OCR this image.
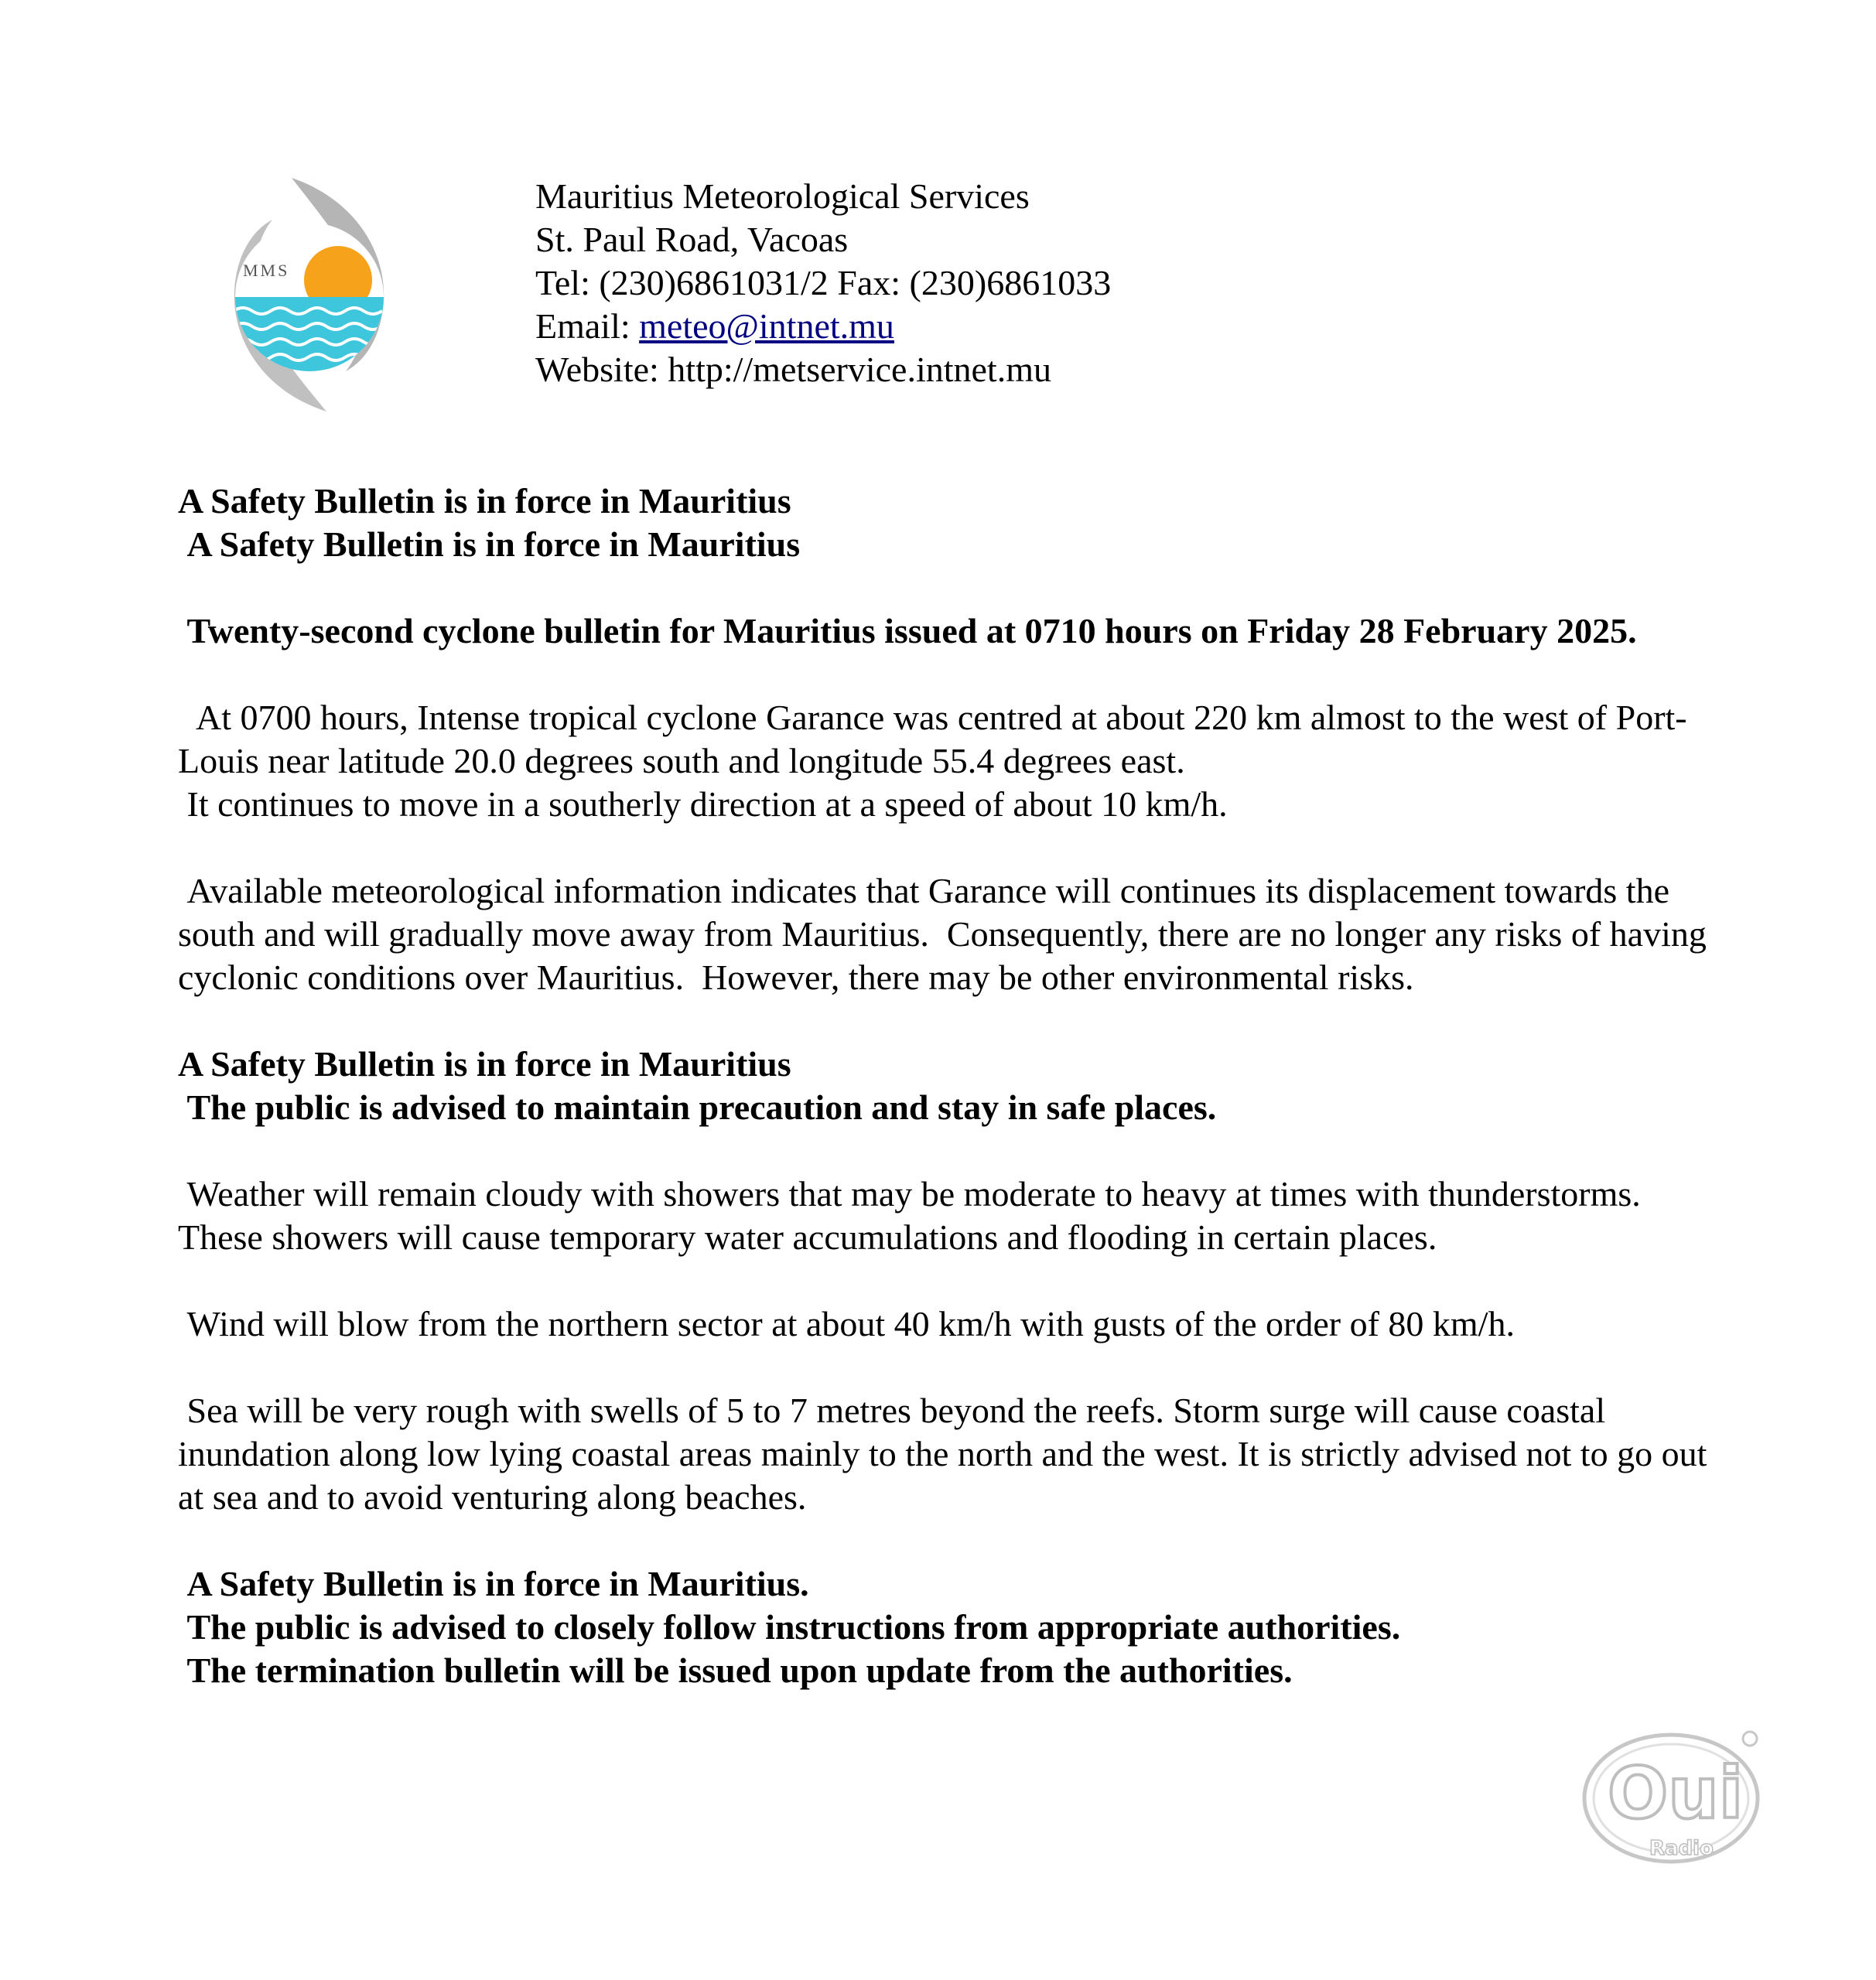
MMS
Mauritius Meteorological Services
St. Paul Road, Vacoas
Tel: (230)6861031/2 Fax: (230)6861033
Email: meteo@intnet.mu
Website: http://metservice.intnet.mu
A Safety Bulletin is in force in Mauritius
A Safety Bulletin is in force in Mauritius
Twenty-second cyclone bulletin for Mauritius issued at 0710 hours on Friday 28 February 2025.
At 0700 hours, Intense tropical cyclone Garance was centred at about 220 km almost to the west of Port-Louis near latitude 20.0 degrees south and longitude 55.4 degrees east.
It continues to move in a southerly direction at a speed of about 10 km/h.
Available meteorological information indicates that Garance will continues its displacement towards the south and will gradually move away from Mauritius.  Consequently, there are no longer any risks of having cyclonic conditions over Mauritius.  However, there may be other environmental risks.
A Safety Bulletin is in force in Mauritius
The public is advised to maintain precaution and stay in safe places.
Weather will remain cloudy with showers that may be moderate to heavy at times with thunderstorms.  These showers will cause temporary water accumulations and flooding in certain places.
Wind will blow from the northern sector at about 40 km/h with gusts of the order of 80 km/h.
Sea will be very rough with swells of 5 to 7 metres beyond the reefs. Storm surge will cause coastal inundation along low lying coastal areas mainly to the north and the west. It is strictly advised not to go out at sea and to avoid venturing along beaches.
A Safety Bulletin is in force in Mauritius.
The public is advised to closely follow instructions from appropriate authorities.
The termination bulletin will be issued upon update from the authorities.
Oui
Radio
